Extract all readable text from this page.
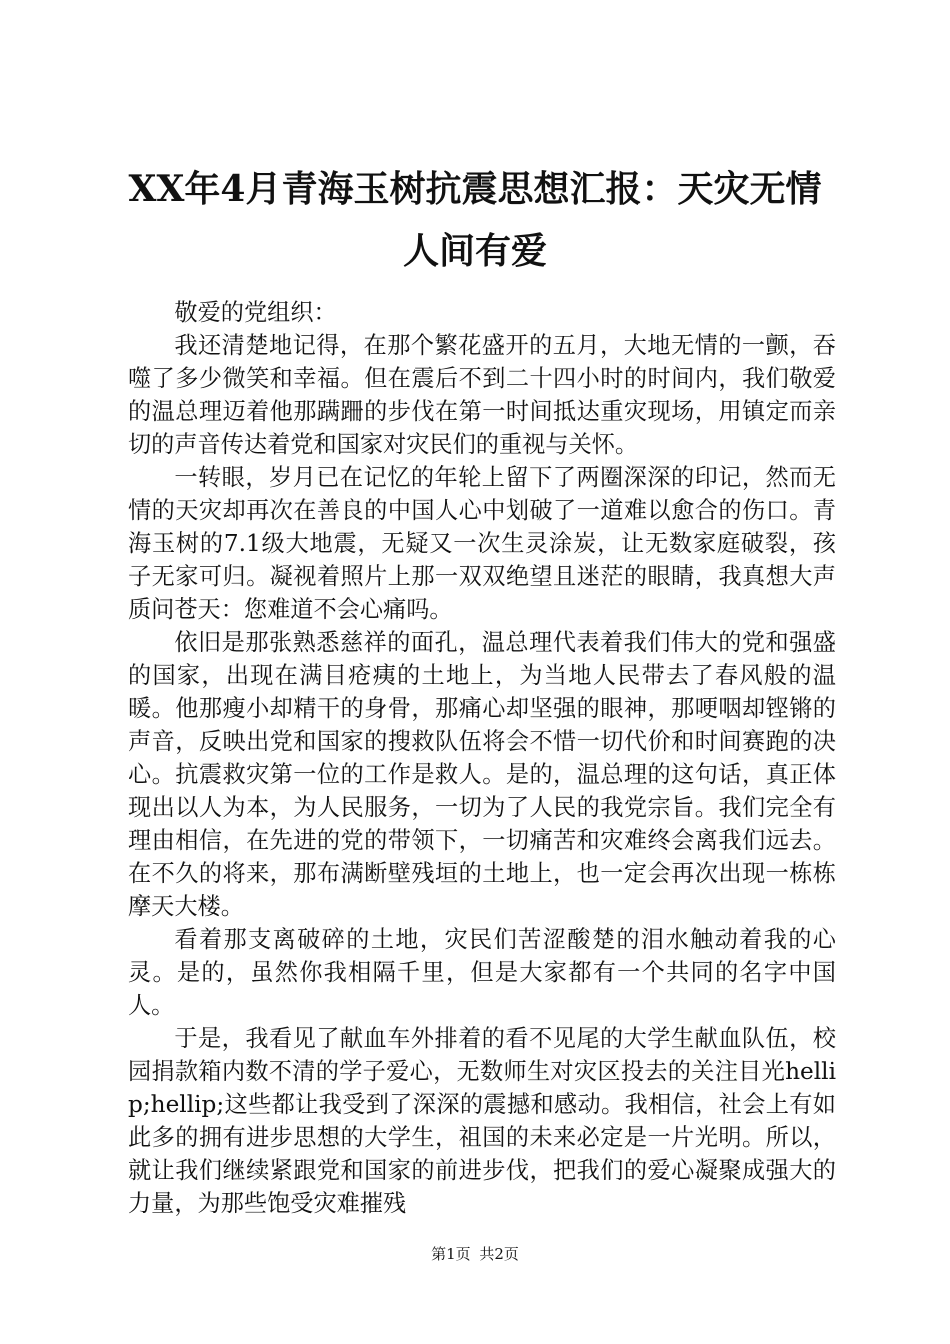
XX年4月青海玉树抗震思想汇报：天灾无情人间有爱

敬爱的党组织：

我还清楚地记得，在那个繁花盛开的五月，大地无情的一颤，吞噬了多少微笑和幸福。但在震后不到二十四小时的时间内，我们敬爱的温总理迈着他那蹒跚的步伐在第一时间抵达重灾现场，用镇定而亲切的声音传达着党和国家对灾民们的重视与关怀。

一转眼，岁月已在记忆的年轮上留下了两圈深深的印记，然而无情的天灾却再次在善良的中国人心中划破了一道难以愈合的伤口。青海玉树的7.1级大地震，无疑又一次生灵涂炭，让无数家庭破裂，孩子无家可归。凝视着照片上那一双双绝望且迷茫的眼睛，我真想大声质问苍天：您难道不会心痛吗。

依旧是那张熟悉慈祥的面孔，温总理代表着我们伟大的党和强盛的国家，出现在满目疮痍的土地上，为当地人民带去了春风般的温暖。他那瘦小却精干的身骨，那痛心却坚强的眼神，那哽咽却铿锵的声音，反映出党和国家的搜救队伍将会不惜一切代价和时间赛跑的决心。抗震救灾第一位的工作是救人。是的，温总理的这句话，真正体现出以人为本，为人民服务，一切为了人民的我党宗旨。我们完全有理由相信，在先进的党的带领下，一切痛苦和灾难终会离我们远去。在不久的将来，那布满断壁残垣的土地上，也一定会再次出现一栋栋摩天大楼。

看着那支离破碎的土地，灾民们苦涩酸楚的泪水触动着我的心灵。是的，虽然你我相隔千里，但是大家都有一个共同的名字中国人。

于是，我看见了献血车外排着的看不见尾的大学生献血队伍，校园捐款箱内数不清的学子爱心，无数师生对灾区投去的关注目光hellip;hellip;这些都让我受到了深深的震撼和感动。我相信，社会上有如此多的拥有进步思想的大学生，祖国的未来必定是一片光明。所以，就让我们继续紧跟党和国家的前进步伐，把我们的爱心凝聚成强大的力量，为那些饱受灾难摧残

第1页 共2页
